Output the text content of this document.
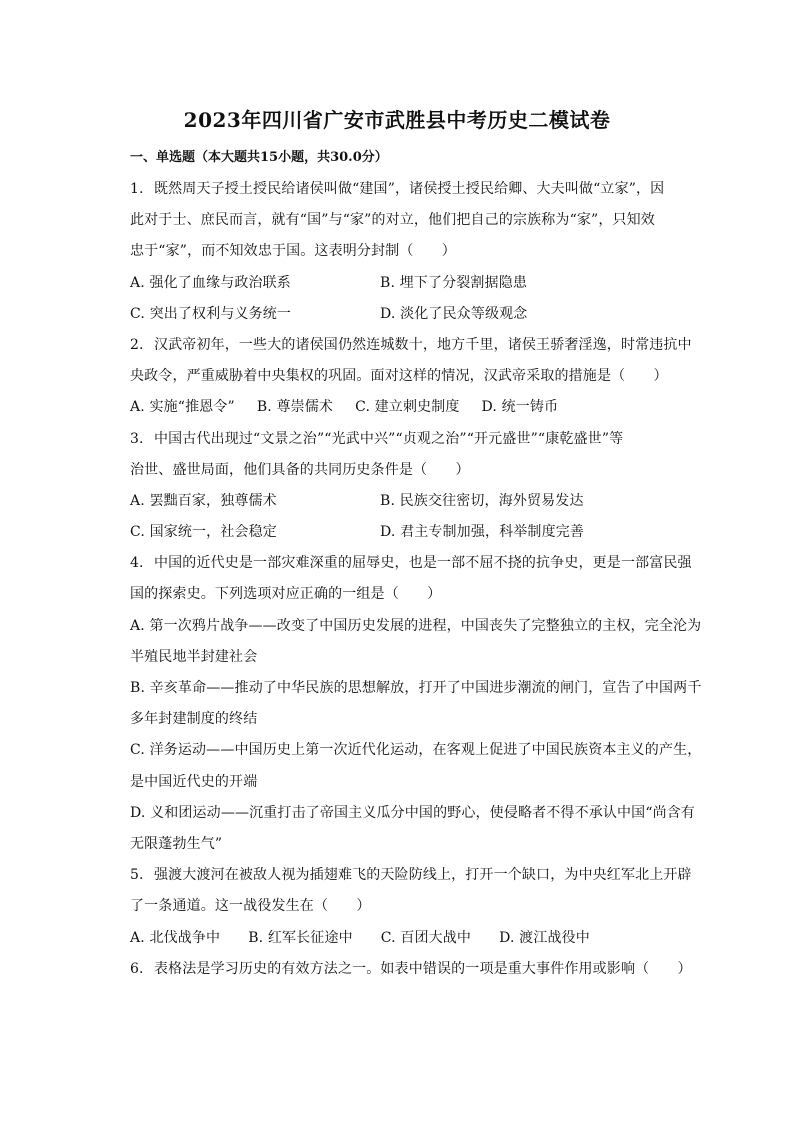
2023年四川省广安市武胜县中考历史二模试卷
一、单选题（本大题共15小题，共30.0分）
1. 既然周天子授土授民给诸侯叫做“建国”，诸侯授土授民给卿、大夫叫做“立家”，因
此对于士、庶民而言，就有“国”与“家”的对立，他们把自己的宗族称为“家”，只知效
忠于“家”，而不知效忠于国。这表明分封制（　　）
A. 强化了血缘与政治联系	B. 埋下了分裂割据隐患
C. 突出了权利与义务统一	D. 淡化了民众等级观念
2. 汉武帝初年，一些大的诸侯国仍然连城数十，地方千里，诸侯王骄奢淫逸，时常违抗中
央政令，严重威胁着中央集权的巩固。面对这样的情况，汉武帝采取的措施是（　　）
A. 实施“推恩令” B. 尊崇儒术 C. 建立刺史制度 D. 统一铸币
3. 中国古代出现过“文景之治”“光武中兴”“贞观之治”“开元盛世”“康乾盛世”等
治世、盛世局面，他们具备的共同历史条件是（　　）
A. 罢黜百家，独尊儒术	B. 民族交往密切，海外贸易发达
C. 国家统一，社会稳定	D. 君主专制加强，科举制度完善
4. 中国的近代史是一部灾难深重的屈辱史，也是一部不屈不挠的抗争史，更是一部富民强
国的探索史。下列选项对应正确的一组是（　　）
A. 第一次鸦片战争——改变了中国历史发展的进程，中国丧失了完整独立的主权，完全沦为
半殖民地半封建社会
B. 辛亥革命——推动了中华民族的思想解放，打开了中国进步潮流的闸门，宣告了中国两千
多年封建制度的终结
C. 洋务运动——中国历史上第一次近代化运动，在客观上促进了中国民族资本主义的产生，
是中国近代史的开端
D. 义和团运动——沉重打击了帝国主义瓜分中国的野心，使侵略者不得不承认中国“尚含有
无限蓬勃生气”
5. 强渡大渡河在被敌人视为插翅难飞的天险防线上，打开一个缺口，为中央红军北上开辟
了一条通道。这一战役发生在（　　）
A. 北伐战争中 B. 红军长征途中 C. 百团大战中 D. 渡江战役中
6. 表格法是学习历史的有效方法之一。如表中错误的一项是重大事件作用或影响（　　）
